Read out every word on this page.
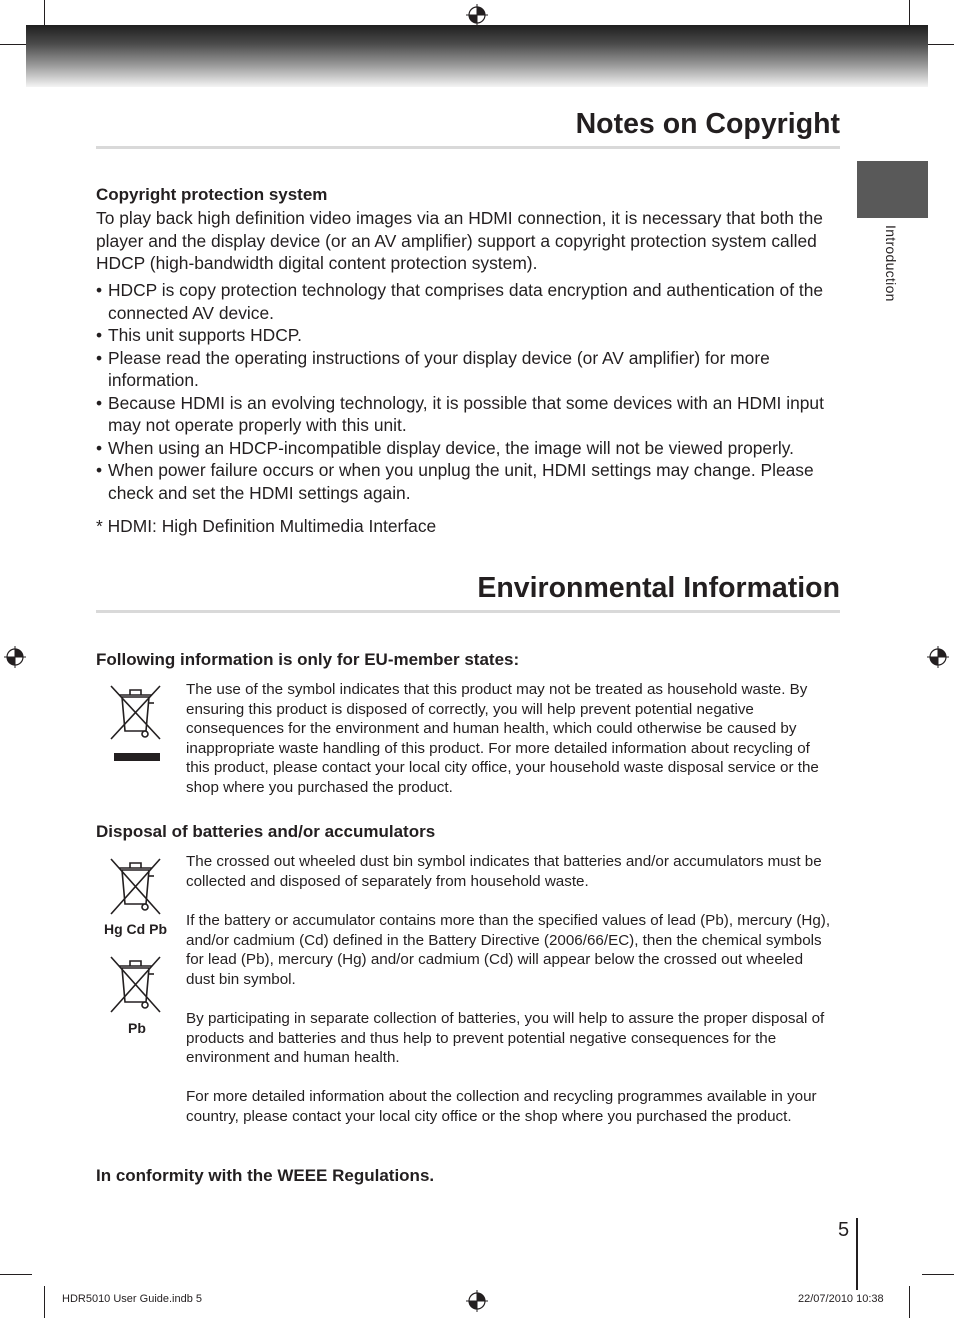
Introduction
Notes on Copyright
Copyright protection system

To play back high definition video images via an HDMI connection, it is necessary that both the player and the display device (or an AV amplifier) support a copyright protection system called HDCP (high-bandwidth digital content protection system).

• HDCP is copy protection technology that comprises data encryption and authentication of the connected AV device.
• This unit supports HDCP.
• Please read the operating instructions of your display device (or AV amplifier) for more information.
• Because HDMI is an evolving technology, it is possible that some devices with an HDMI input may not operate properly with this unit.
• When using an HDCP-incompatible display device, the image will not be viewed properly.
• When power failure occurs or when you unplug the unit, HDMI settings may change. Please check and set the HDMI settings again.

* HDMI: High Definition Multimedia Interface

Environmental Information
Following information is only for EU-member states:

The use of the symbol indicates that this product may not be treated as household waste. By ensuring this product is disposed of correctly, you will help prevent potential negative consequences for the environment and human health, which could otherwise be caused by inappropriate waste handling of this product. For more detailed information about recycling of this product, please contact your local city office, your household waste disposal service or the shop where you purchased the product.

Disposal of batteries and/or accumulators
Hg Cd Pb
Pb

The crossed out wheeled dust bin symbol indicates that batteries and/or accumulators must be collected and disposed of separately from household waste.

If the battery or accumulator contains more than the specified values of lead (Pb), mercury (Hg), and/or cadmium (Cd) defined in the Battery Directive (2006/66/EC), then the chemical symbols for lead (Pb), mercury (Hg) and/or cadmium (Cd) will appear below the crossed out wheeled dust bin symbol.

By participating in separate collection of batteries, you will help to assure the proper disposal of products and batteries and thus help to prevent potential negative consequences for the environment and human health.

For more detailed information about the collection and recycling programmes available in your country, please contact your local city office or the shop where you purchased the product.

In conformity with the WEEE Regulations.
5
HDR5010 User Guide.indb 5	22/07/2010 10:38
